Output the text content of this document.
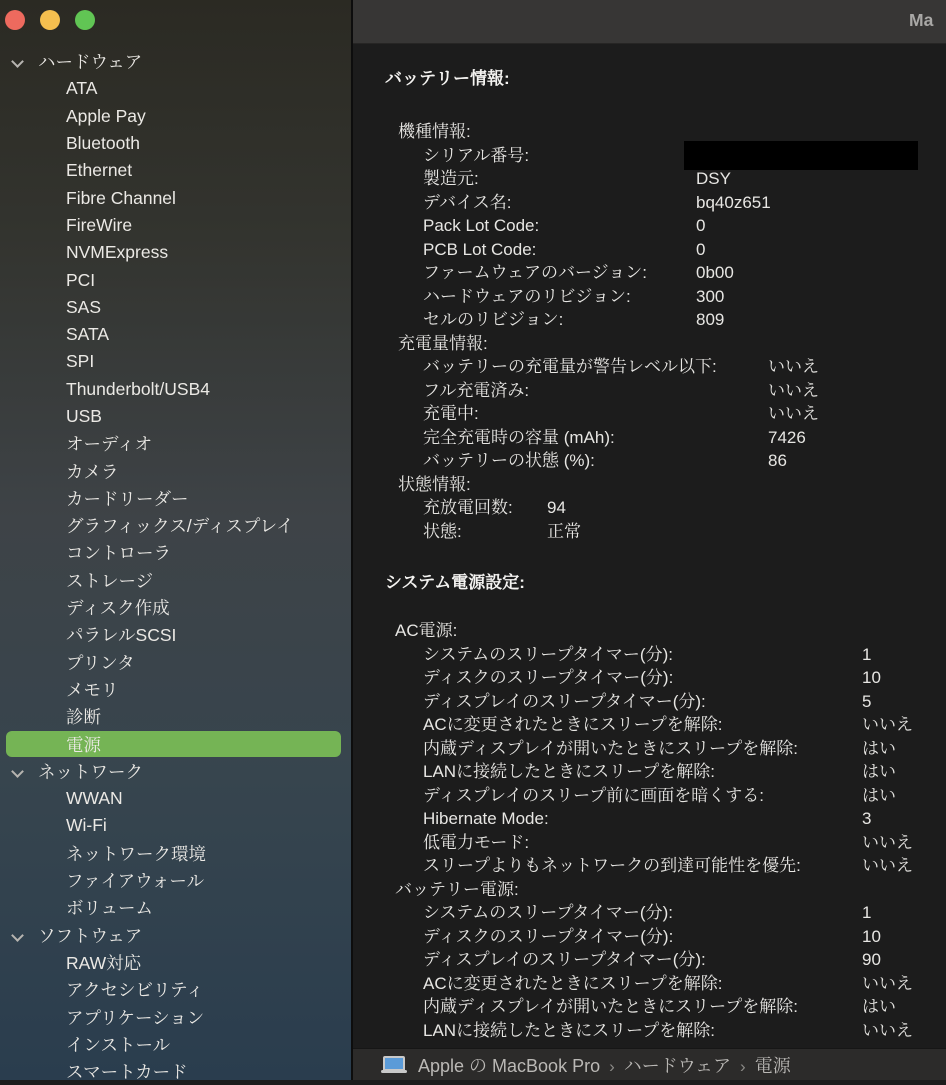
ハードウェア
ATA
Apple Pay
Bluetooth
Ethernet
Fibre Channel
FireWire
NVMExpress
PCI
SAS
SATA
SPI
Thunderbolt/USB4
USB
オーディオ
カメラ
カードリーダー
グラフィックス/ディスプレイ
コントローラ
ストレージ
ディスク作成
パラレルSCSI
プリンタ
メモリ
診断
電源
ネットワーク
WWAN
Wi-Fi
ネットワーク環境
ファイアウォール
ボリューム
ソフトウェア
RAW対応
アクセシビリティ
アプリケーション
インストール
スマートカード
Ma
バッテリー情報:
機種情報:
シリアル番号:
製造元:	DSY
デバイス名:	bq40z651
Pack Lot Code:	0
PCB Lot Code:	0
ファームウェアのバージョン:	0b00
ハードウェアのリビジョン:	300
セルのリビジョン:	809
充電量情報:
バッテリーの充電量が警告レベル以下:	いいえ
フル充電済み:	いいえ
充電中:	いいえ
完全充電時の容量 (mAh):	7426
バッテリーの状態 (%):	86
状態情報:
充放電回数:	94
状態:	正常
システム電源設定:
AC電源:
システムのスリープタイマー(分):	1
ディスクのスリープタイマー(分):	10
ディスプレイのスリープタイマー(分):	5
ACに変更されたときにスリープを解除:	いいえ
内蔵ディスプレイが開いたときにスリープを解除:	はい
LANに接続したときにスリープを解除:	はい
ディスプレイのスリープ前に画面を暗くする:	はい
Hibernate Mode:	3
低電力モード:	いいえ
スリープよりもネットワークの到達可能性を優先:	いいえ
バッテリー電源:
システムのスリープタイマー(分):	1
ディスクのスリープタイマー(分):	10
ディスプレイのスリープタイマー(分):	90
ACに変更されたときにスリープを解除:	いいえ
内蔵ディスプレイが開いたときにスリープを解除:	はい
LANに接続したときにスリープを解除:	いいえ
Apple の MacBook Pro › ハードウェア › 電源
